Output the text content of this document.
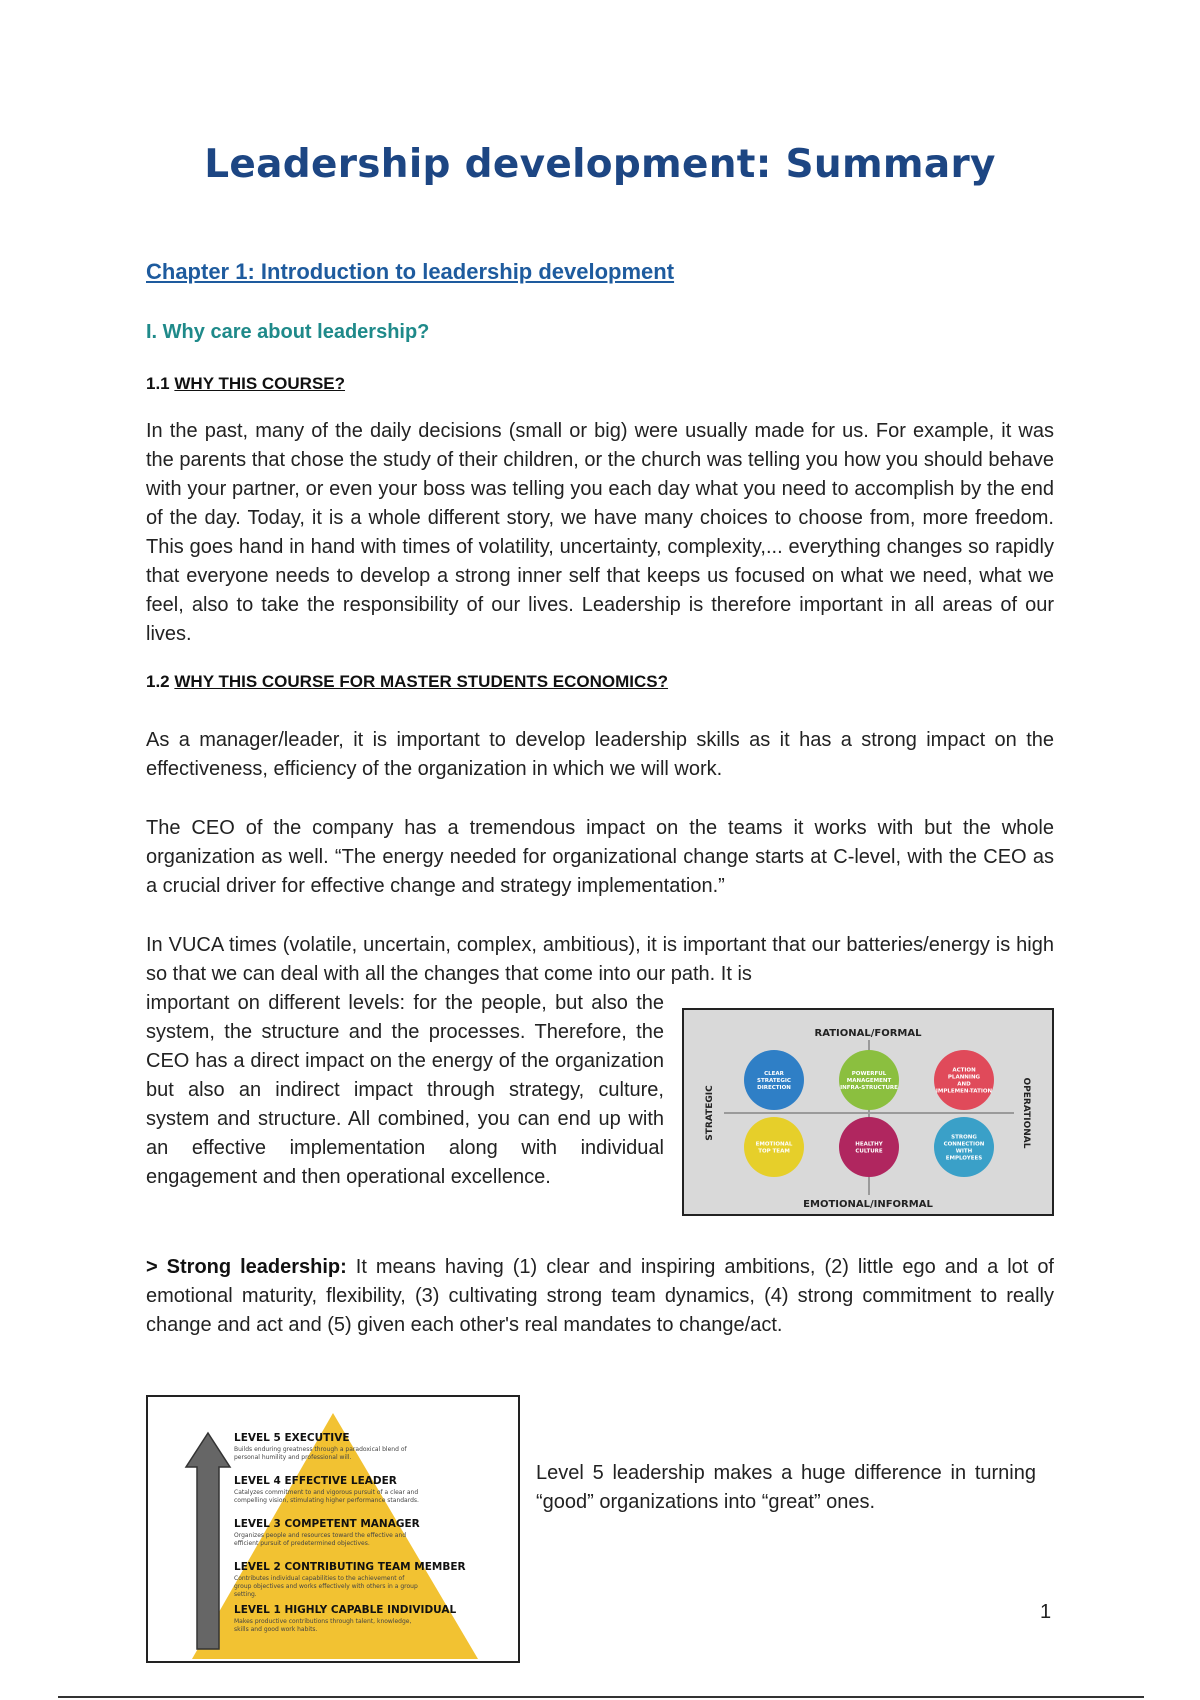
Leadership development: Summary
Chapter 1: Introduction to leadership development
I. Why care about leadership?
1.1 WHY THIS COURSE?

In the past, many of the daily decisions (small or big) were usually made for us. For example, it was the parents that chose the study of their children, or the church was telling you how you should behave with your partner, or even your boss was telling you each day what you need to accomplish by the end of the day. Today, it is a whole different story, we have many choices to choose from, more freedom. This goes hand in hand with times of volatility, uncertainty, complexity,... everything changes so rapidly that everyone needs to develop a strong inner self that keeps us focused on what we need, what we feel, also to take the responsibility of our lives. Leadership is therefore important in all areas of our lives.

1.2 WHY THIS COURSE FOR MASTER STUDENTS ECONOMICS?

As a manager/leader, it is important to develop leadership skills as it has a strong impact on the effectiveness, efficiency of the organization in which we will work.

The CEO of the company has a tremendous impact on the teams it works with but the whole organization as well. “The energy needed for organizational change starts at C-level, with the CEO as a crucial driver for effective change and strategy implementation.”

In VUCA times (volatile, uncertain, complex, ambitious), it is important that our batteries/energy is high so that we can deal with all the changes that come into our path. It is

important on different levels: for the people, but also the system, the structure and the processes. Therefore, the CEO has a direct impact on the energy of the organization but also an indirect impact through strategy, culture, system and structure. All combined, you can end up with an effective implementation along with individual engagement and then operational excellence.

RATIONAL/FORMAL
EMOTIONAL/INFORMAL
STRATEGIC	OPERATIONAL
CLEAR STRATEGIC DIRECTION
POWERFUL MANAGEMENT INFRA-STRUCTURE
ACTION PLANNING AND IMPLEMEN-TATION
EMOTIONAL TOP TEAM
HEALTHY CULTURE
STRONG CONNECTION WITH EMPLOYEES

> Strong leadership: It means having (1) clear and inspiring ambitions, (2) little ego and a lot of emotional maturity, flexibility, (3) cultivating strong team dynamics, (4) strong commitment to really change and act and (5) given each other's real mandates to change/act.

LEVEL 5 EXECUTIVE
Builds enduring greatness through a paradoxical blend of personal humility and professional will.
LEVEL 4 EFFECTIVE LEADER
Catalyzes commitment to and vigorous pursuit of a clear and compelling vision, stimulating higher performance standards.
LEVEL 3 COMPETENT MANAGER
Organizes people and resources toward the effective and efficient pursuit of predetermined objectives.
LEVEL 2 CONTRIBUTING TEAM MEMBER
Contributes individual capabilities to the achievement of group objectives and works effectively with others in a group setting.
LEVEL 1 HIGHLY CAPABLE INDIVIDUAL
Makes productive contributions through talent, knowledge, skills and good work habits.

Level 5 leadership makes a huge difference in turning “good” organizations into “great” ones.

1
